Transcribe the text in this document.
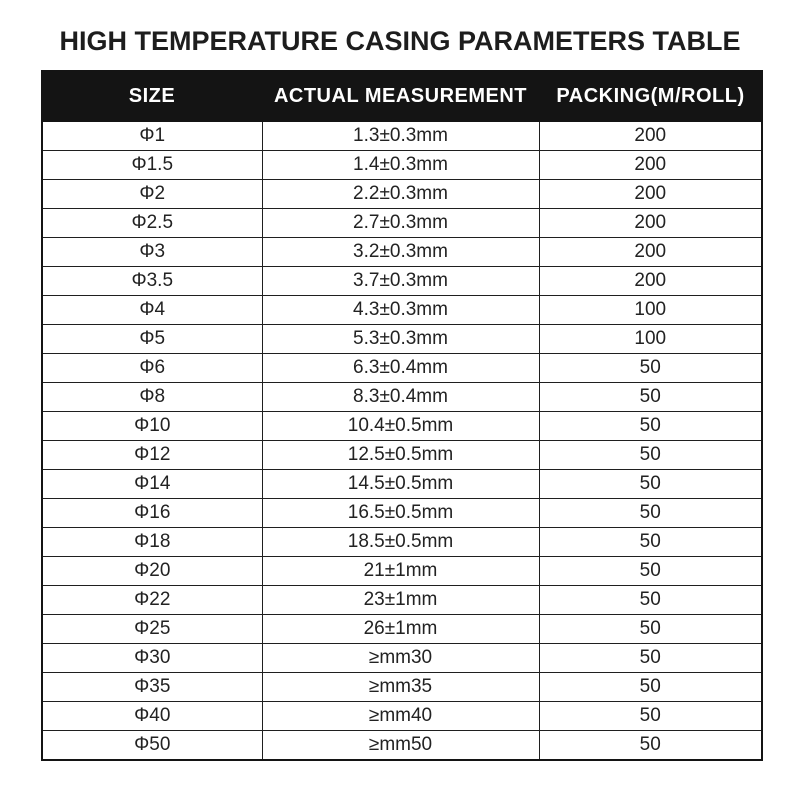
HIGH TEMPERATURE CASING PARAMETERS TABLE
SIZE	ACTUAL MEASUREMENT	PACKING(M/ROLL)
Φ1	1.3±0.3mm	200
Φ1.5	1.4±0.3mm	200
Φ2	2.2±0.3mm	200
Φ2.5	2.7±0.3mm	200
Φ3	3.2±0.3mm	200
Φ3.5	3.7±0.3mm	200
Φ4	4.3±0.3mm	100
Φ5	5.3±0.3mm	100
Φ6	6.3±0.4mm	50
Φ8	8.3±0.4mm	50
Φ10	10.4±0.5mm	50
Φ12	12.5±0.5mm	50
Φ14	14.5±0.5mm	50
Φ16	16.5±0.5mm	50
Φ18	18.5±0.5mm	50
Φ20	21±1mm	50
Φ22	23±1mm	50
Φ25	26±1mm	50
Φ30	≥mm30	50
Φ35	≥mm35	50
Φ40	≥mm40	50
Φ50	≥mm50	50
